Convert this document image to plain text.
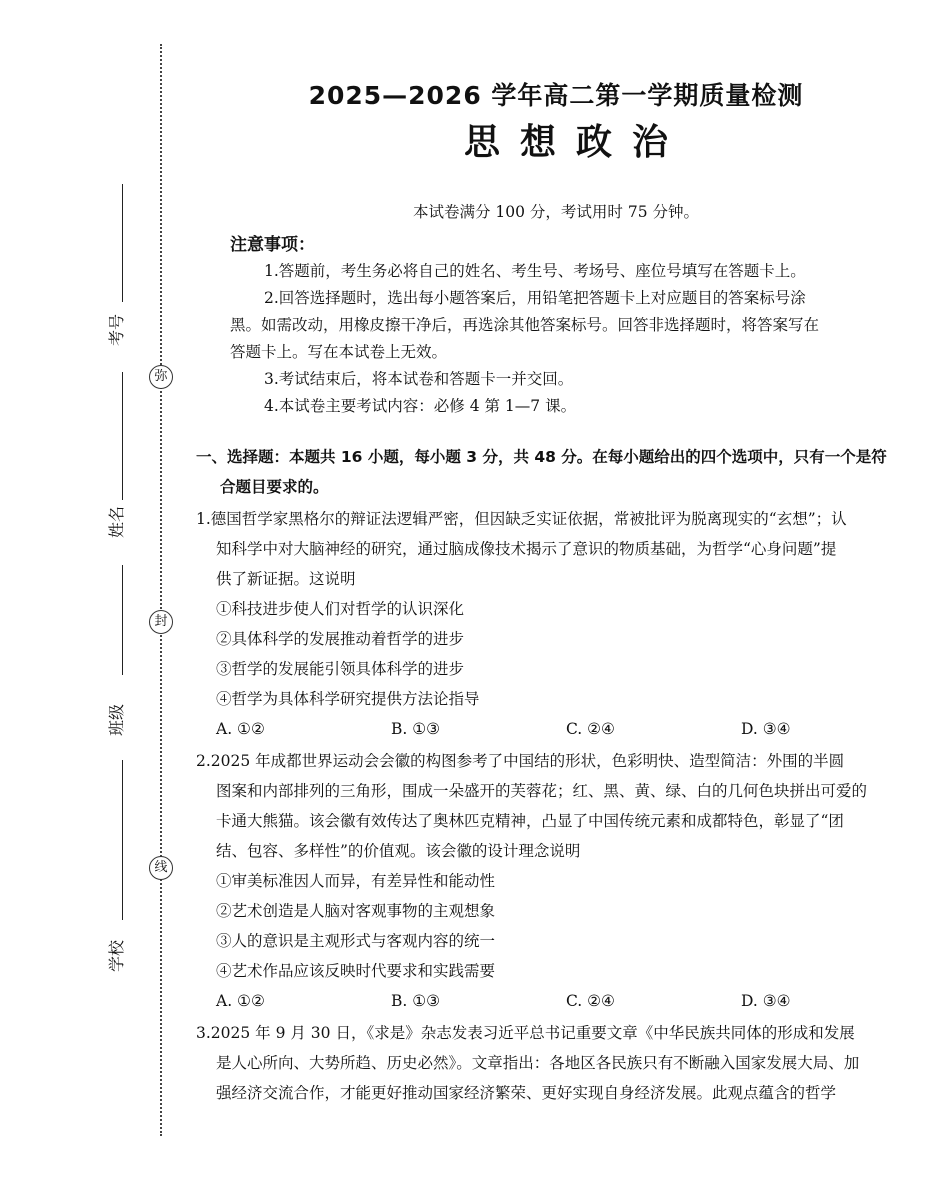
弥
封
线
考号
姓名
班级
学校
2025—2026 学年高二第一学期质量检测
思想政治
本试卷满分 100 分，考试用时 75 分钟。
注意事项：
1.答题前，考生务必将自己的姓名、考生号、考场号、座位号填写在答题卡上。
2.回答选择题时，选出每小题答案后，用铅笔把答题卡上对应题目的答案标号涂
黑。如需改动，用橡皮擦干净后，再选涂其他答案标号。回答非选择题时，将答案写在
答题卡上。写在本试卷上无效。
3.考试结束后，将本试卷和答题卡一并交回。
4.本试卷主要考试内容：必修 4 第 1—7 课。
一、选择题：本题共 16 小题，每小题 3 分，共 48 分。在每小题给出的四个选项中，只有一个是符
合题目要求的。
1.德国哲学家黑格尔的辩证法逻辑严密，但因缺乏实证依据，常被批评为脱离现实的“玄想”；认
知科学中对大脑神经的研究，通过脑成像技术揭示了意识的物质基础，为哲学“心身问题”提
供了新证据。这说明
①科技进步使人们对哲学的认识深化
②具体科学的发展推动着哲学的进步
③哲学的发展能引领具体科学的进步
④哲学为具体科学研究提供方法论指导
A. ①②	B. ①③	C. ②④	D. ③④
2.2025 年成都世界运动会会徽的构图参考了中国结的形状，色彩明快、造型简洁：外围的半圆
图案和内部排列的三角形，围成一朵盛开的芙蓉花；红、黑、黄、绿、白的几何色块拼出可爱的
卡通大熊猫。该会徽有效传达了奥林匹克精神，凸显了中国传统元素和成都特色，彰显了“团
结、包容、多样性”的价值观。该会徽的设计理念说明
①审美标准因人而异，有差异性和能动性
②艺术创造是人脑对客观事物的主观想象
③人的意识是主观形式与客观内容的统一
④艺术作品应该反映时代要求和实践需要
A. ①②	B. ①③	C. ②④	D. ③④
3.2025 年 9 月 30 日，《求是》杂志发表习近平总书记重要文章《中华民族共同体的形成和发展
是人心所向、大势所趋、历史必然》。文章指出：各地区各民族只有不断融入国家发展大局、加
强经济交流合作，才能更好推动国家经济繁荣、更好实现自身经济发展。此观点蕴含的哲学
